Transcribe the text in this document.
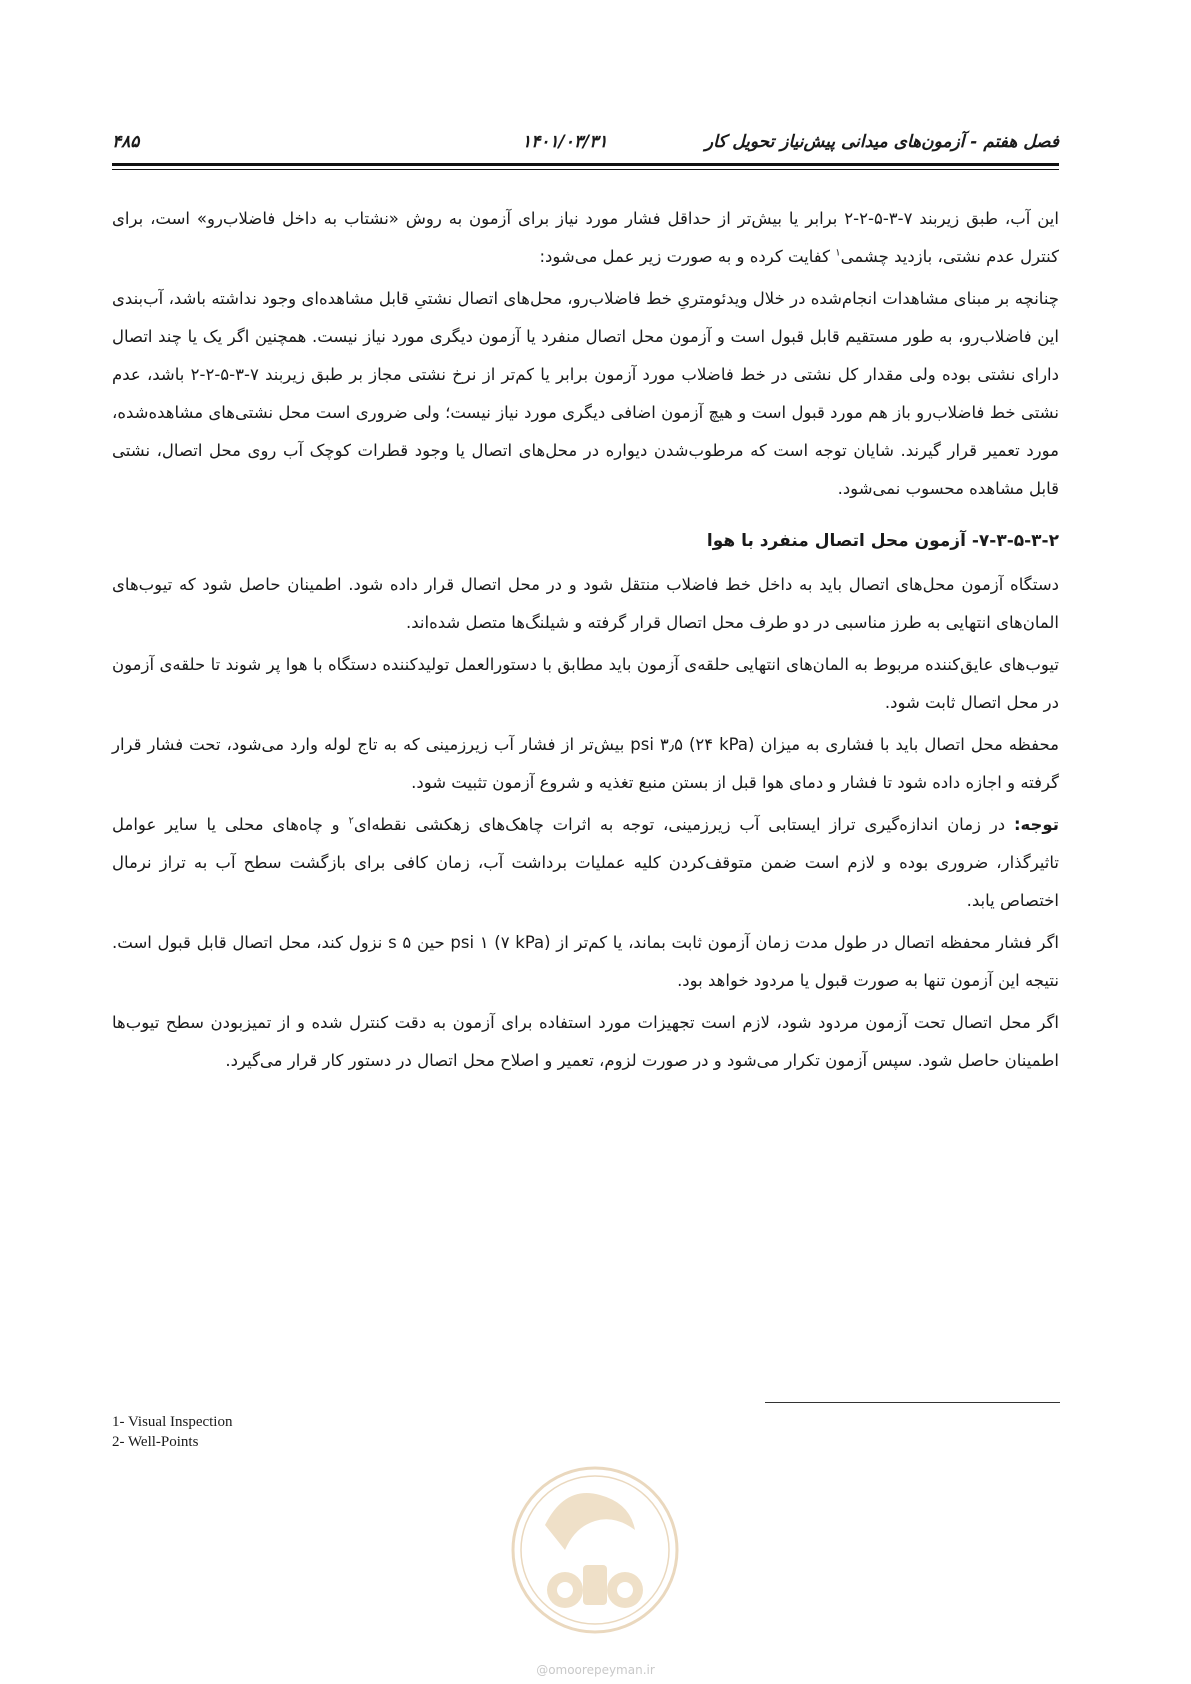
فصل هفتم - آزمون‌های میدانی پیش‌نیاز تحویل کار
۱۴۰۱/۰۳/۳۱
۴۸۵

این آب، طبق زیربند ۷-۳-۵-۲-۲ برابر یا بیش‌تر از حداقل فشار مورد نیاز برای آزمون به روش «نشتاب به داخل فاضلاب‌رو» است، برای کنترل عدم نشتی، بازدید چشمی$^۱$ کفایت کرده و به صورت زیر عمل می‌شود:

چنانچه بر مبنای مشاهدات انجام‌شده در خلال ویدئومتریِ خط فاضلاب‌رو، محل‌های اتصال نشتیِ قابل مشاهده‌ای وجود نداشته باشد، آب‌بندی این فاضلاب‌رو، به طور مستقیم قابل قبول است و آزمون محل اتصال منفرد یا آزمون دیگری مورد نیاز نیست. همچنین اگر یک یا چند اتصال دارای نشتی بوده ولی مقدار کل نشتی در خط فاضلاب مورد آزمون برابر یا کم‌تر از نرخ نشتی مجاز بر طبق زیربند ۷-۳-۵-۲-۲ باشد، عدم نشتی خط فاضلاب‌رو باز هم مورد قبول است و هیچ آزمون اضافی دیگری مورد نیاز نیست؛ ولی ضروری است محل نشتی‌های مشاهده‌شده، مورد تعمیر قرار گیرند. شایان توجه است که مرطوب‌شدن دیواره در محل‌های اتصال یا وجود قطرات کوچک آب روی محل اتصال، نشتی قابل مشاهده محسوب نمی‌شود.

۷-۳-۵-۳-۲- آزمون محل اتصال منفرد با هوا

دستگاه آزمون محل‌های اتصال باید به داخل خط فاضلاب منتقل شود و در محل اتصال قرار داده شود. اطمینان حاصل شود که تیوب‌های المان‌های انتهایی به طرز مناسبی در دو طرف محل اتصال قرار گرفته و شیلنگ‌ها متصل شده‌اند.

تیوب‌های عایق‌کننده مربوط به المان‌های انتهایی حلقه‌ی آزمون باید مطابق با دستورالعمل تولیدکننده دستگاه با هوا پر شوند تا حلقه‌ی آزمون در محل اتصال ثابت شود.

محفظه محل اتصال باید با فشاری به میزان psi ۳٫۵ (۲۴ kPa) بیش‌تر از فشار آب زیرزمینی که به تاج لوله وارد می‌شود، تحت فشار قرار گرفته و اجازه داده شود تا فشار و دمای هوا قبل از بستن منبع تغذیه و شروع آزمون تثبیت شود.

توجه: در زمان اندازه‌گیری تراز ایستابی آب زیرزمینی، توجه به اثرات چاهک‌های زهکشی نقطه‌ای$^۲$ و چاه‌های محلی یا سایر عوامل تاثیرگذار، ضروری بوده و لازم است ضمن متوقف‌کردن کلیه عملیات برداشت آب، زمان کافی برای بازگشت سطح آب به تراز نرمال اختصاص یابد.

اگر فشار محفظه اتصال در طول مدت زمان آزمون ثابت بماند، یا کم‌تر از psi ۱ (۷ kPa) حین ۵ s نزول کند، محل اتصال قابل قبول است. نتیجه این آزمون تنها به صورت قبول یا مردود خواهد بود.

اگر محل اتصال تحت آزمون مردود شود، لازم است تجهیزات مورد استفاده برای آزمون به دقت کنترل شده و از تمیزبودن سطح تیوب‌ها اطمینان حاصل شود. سپس آزمون تکرار می‌شود و در صورت لزوم، تعمیر و اصلاح محل اتصال در دستور کار قرار می‌گیرد.

1- Visual Inspection
2- Well-Points
@omoorepeyman.ir
